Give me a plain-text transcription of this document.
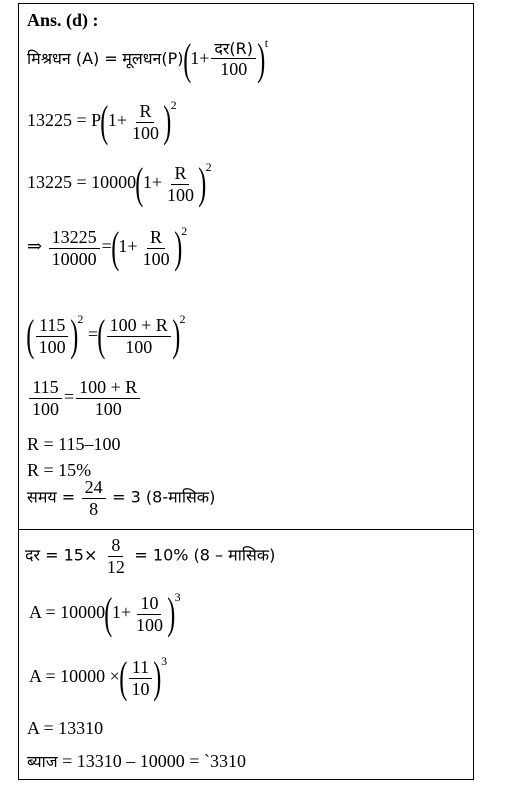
Ans. (d) :
मिश्रधन (A) = मूलधन(P)(1+ $\frac{\text{दर(R)}}{100} )^t$
$13225 = P(1+ \frac{R}{100} )^2$
$13225 = 10000(1+ \frac{R}{100} )^2$
⇒ $\frac{13225}{10000} =(1+ \frac{R}{100} )^2$
( $\frac{115}{100} )^2$ =( $\frac{100 + R}{100} )^2$
$\frac{115}{100} = \frac{100 + R}{100}$
R = 115–100
R = 15%
समय = $\frac{24}{8} = 3$ (8-मासिक)
दर = $15\times \frac{8}{12} = 10\%$ (8 – मासिक)
$A = 10000(1+ \frac{10}{100} )^3$
A = 10000 ×( $\frac{11}{10} )^3$
A = 13310
ब्याज = 13310 – 10000 = `3310
